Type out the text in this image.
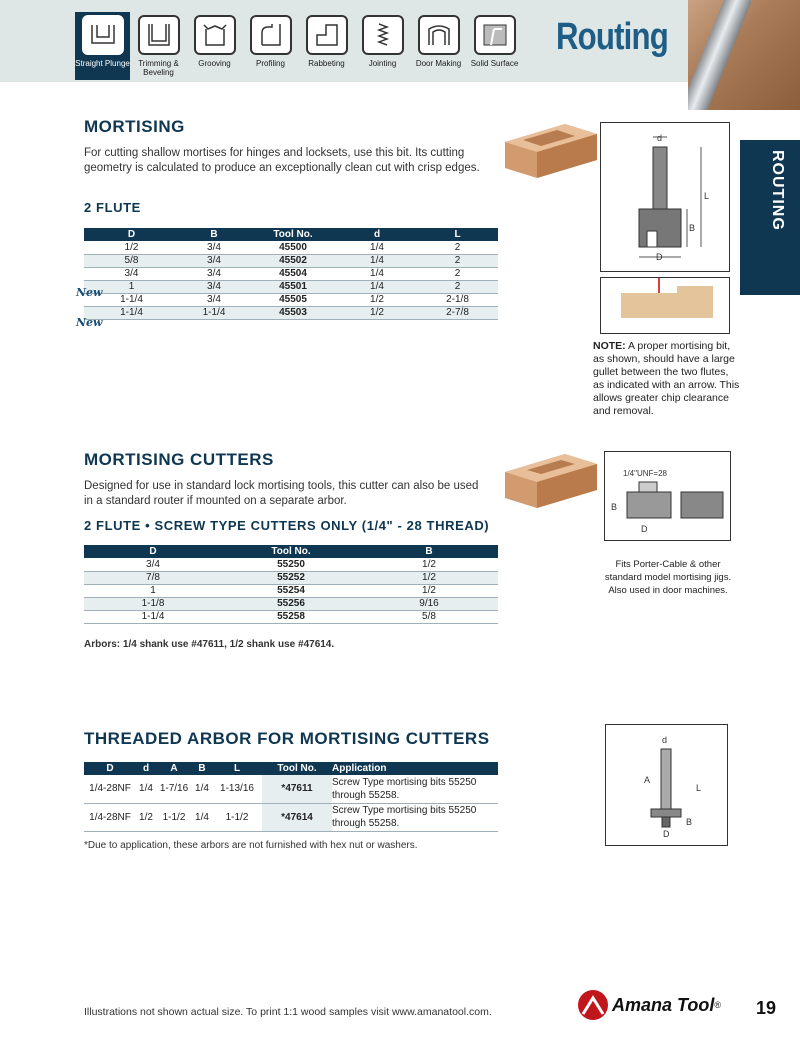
Straight Plunge	Trimming & Beveling
Grooving	Profiling	Rabbeting	Jointing Door Making Solid Surface
Routing
ROUTING
MORTISING
For cutting shallow mortises for hinges and locksets, use this bit. Its cutting geometry is calculated to produce an exceptionally clean cut with crisp edges.
2 FLUTE
D	B	Tool No.	d	L
1/2	3/4	45500	1/4	2
5/8	3/4	45502	1/4	2
3/4	3/4	45504	1/4	2
1	3/4	45501	1/4	2
1-1/4	3/4	45505	1/2	2-1/8
1-1/4	1-1/4	45503	1/2	2-7/8
New
New
d
L
B
D
NOTE: A proper mortising bit, as shown, should have a large gullet between the two flutes, as indicated with an arrow. This allows greater chip clearance and removal.
MORTISING CUTTERS
Designed for use in standard lock mortising tools, this cutter can also be used in a standard router if mounted on a separate arbor.
2 FLUTE • SCREW TYPE CUTTERS ONLY (1/4" - 28 THREAD)
D	Tool No.	B
3/4	55250	1/2
7/8	55252	1/2
1	55254	1/2
1-1/8	55256	9/16
1-1/4	55258	5/8
Arbors: 1/4 shank use #47611, 1/2 shank use #47614.
1/4"UNF=28
B
D
Fits Porter-Cable & other standard model mortising jigs. Also used in door machines.
THREADED ARBOR FOR MORTISING CUTTERS
D	d	A	B	L	Tool No.	Application
1/4-28NF	1/4	1-7/16	1/4	1-13/16	*47611	Screw Type mortising bits 55250 through 55258.
1/4-28NF	1/2	1-1/2	1/4	1-1/2	*47614	Screw Type mortising bits 55250 through 55258.
*Due to application, these arbors are not furnished with hex nut or washers.
d
A
L
B
D
Illustrations not shown actual size. To print 1:1 wood samples visit www.amanatool.com.	Amana Tool ® 19
